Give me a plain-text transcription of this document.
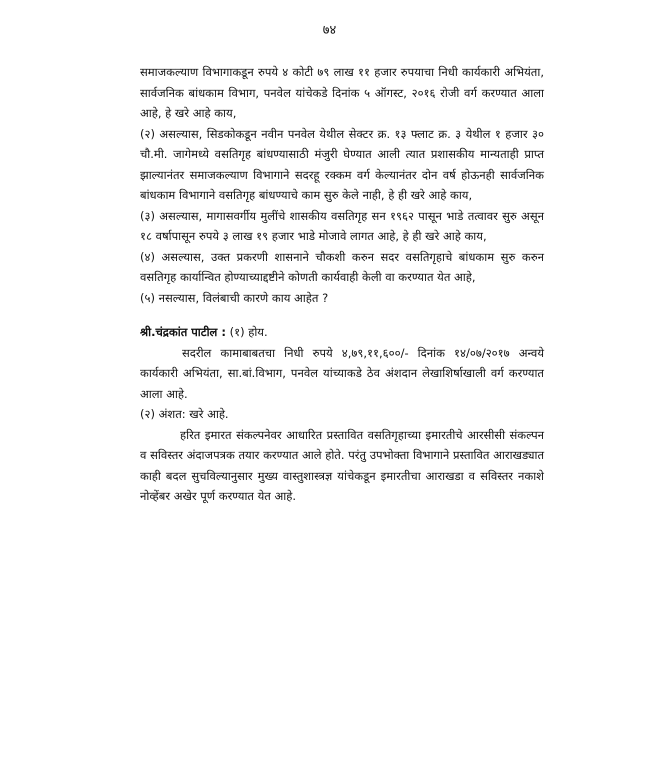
७४

समाजकल्याण विभागाकडून रुपये ४ कोटी ७९ लाख ११ हजार रुपयाचा निधी कार्यकारी अभियंता, सार्वजनिक बांधकाम विभाग, पनवेल यांचेकडे दिनांक ५ ऑगस्ट, २०१६ रोजी वर्ग करण्यात आला आहे, हे खरे आहे काय,

(२) असल्यास, सिडकोकडून नवीन पनवेल येथील सेक्टर क्र. १३ फ्लाट क्र. ३ येथील १ हजार ३० चौ.मी. जागेमध्ये वसतिगृह बांधण्यासाठी मंजुरी घेण्यात आली त्यात प्रशासकीय मान्यताही प्राप्त झाल्यानंतर समाजकल्याण विभागाने सदरहू रक्कम वर्ग केल्यानंतर दोन वर्ष होऊनही सार्वजनिक बांधकाम विभागाने वसतिगृह बांधण्याचे काम सुरु केले नाही, हे ही खरे आहे काय,

(३) असल्यास, मागासवर्गीय मुलींचे शासकीय वसतिगृह सन १९६२ पासून भाडे तत्वावर सुरु असून १८ वर्षापासून रुपये ३ लाख १९ हजार भाडे मोजावे लागत आहे, हे ही खरे आहे काय,

(४) असल्यास, उक्त प्रकरणी शासनाने चौकशी करुन सदर वसतिगृहाचे बांधकाम सुरु करुन वसतिगृह कार्यान्वित होण्याच्याद्दष्टीने कोणती कार्यवाही केली वा करण्यात येत आहे,

(५) नसल्यास, विलंबाची कारणे काय आहेत ?

श्री.चंद्रकांत पाटील : (१) होय.

सदरील कामाबाबतचा निधी रुपये ४,७९,११,६००/- दिनांक १४/०७/२०१७ अन्वये कार्यकारी अभियंता, सा.बां.विभाग, पनवेल यांच्याकडे ठेव अंशदान लेखाशिर्षाखाली वर्ग करण्यात आला आहे.

(२) अंशत: खरे आहे.

हरित इमारत संकल्पनेवर आधारित प्रस्तावित वसतिगृहाच्या इमारतीचे आरसीसी संकल्पन व सविस्तर अंदाजपत्रक तयार करण्यात आले होते. परंतु उपभोक्ता विभागाने प्रस्तावित आराखड्यात काही बदल सुचविल्यानुसार मुख्य वास्तुशास्त्रज्ञ यांचेकडून इमारतीचा आराखडा व सविस्तर नकाशे नोव्हेंबर अखेर पूर्ण करण्यात येत आहे.
